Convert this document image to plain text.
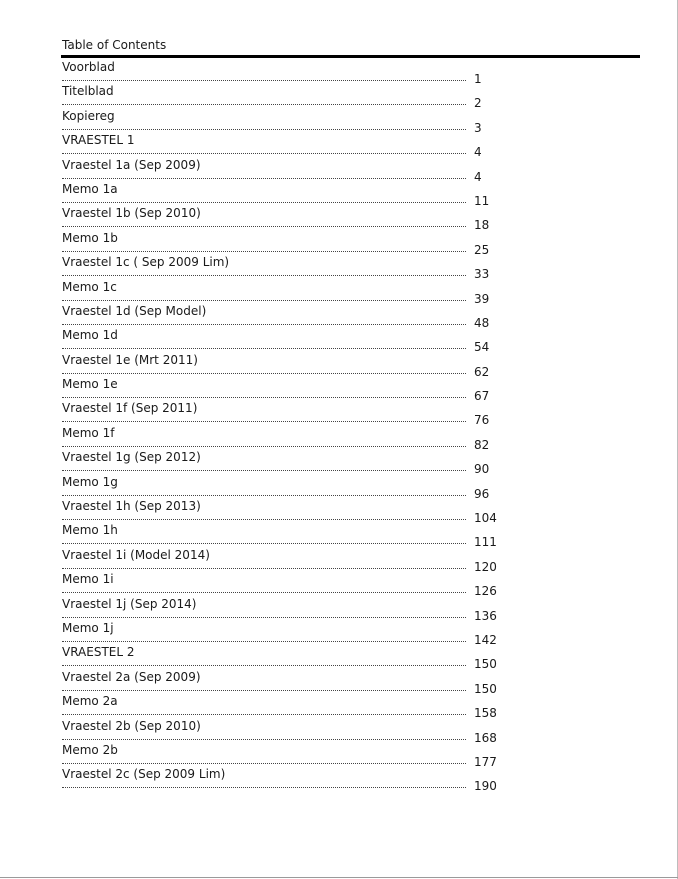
Table of Contents
Voorblad
1
Titelblad
2
Kopiereg
3
VRAESTEL 1
4
Vraestel 1a (Sep 2009)
4
Memo 1a
11
Vraestel 1b (Sep 2010)
18
Memo 1b
25
Vraestel 1c ( Sep 2009 Lim)
33
Memo 1c
39
Vraestel 1d (Sep Model)
48
Memo 1d
54
Vraestel 1e (Mrt 2011)
62
Memo 1e
67
Vraestel 1f (Sep 2011)
76
Memo 1f
82
Vraestel 1g (Sep 2012)
90
Memo 1g
96
Vraestel 1h (Sep 2013)
104
Memo 1h
111
Vraestel 1i (Model 2014)
120
Memo 1i
126
Vraestel 1j (Sep 2014)
136
Memo 1j
142
VRAESTEL 2
150
Vraestel 2a (Sep 2009)
150
Memo 2a
158
Vraestel 2b (Sep 2010)
168
Memo 2b
177
Vraestel 2c (Sep 2009 Lim)
190
